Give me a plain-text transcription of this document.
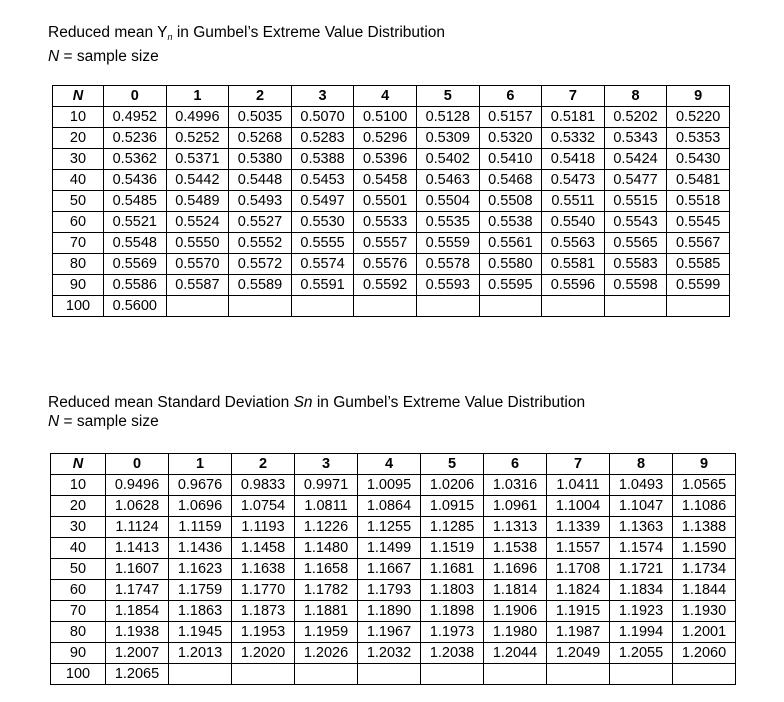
Reduced mean $Y_n$ in Gumbel’s Extreme Value Distribution
N = sample size
N	0	1	2	3	4	5	6	7	8	9
10	0.4952	0.4996	0.5035	0.5070	0.5100	0.5128	0.5157	0.5181	0.5202	0.5220
20	0.5236	0.5252	0.5268	0.5283	0.5296	0.5309	0.5320	0.5332	0.5343	0.5353
30	0.5362	0.5371	0.5380	0.5388	0.5396	0.5402	0.5410	0.5418	0.5424	0.5430
40	0.5436	0.5442	0.5448	0.5453	0.5458	0.5463	0.5468	0.5473	0.5477	0.5481
50	0.5485	0.5489	0.5493	0.5497	0.5501	0.5504	0.5508	0.5511	0.5515	0.5518
60	0.5521	0.5524	0.5527	0.5530	0.5533	0.5535	0.5538	0.5540	0.5543	0.5545
70	0.5548	0.5550	0.5552	0.5555	0.5557	0.5559	0.5561	0.5563	0.5565	0.5567
80	0.5569	0.5570	0.5572	0.5574	0.5576	0.5578	0.5580	0.5581	0.5583	0.5585
90	0.5586	0.5587	0.5589	0.5591	0.5592	0.5593	0.5595	0.5596	0.5598	0.5599
100	0.5600									
Reduced mean Standard Deviation Sn in Gumbel’s Extreme Value Distribution
N = sample size
N	0	1	2	3	4	5	6	7	8	9
10	0.9496	0.9676	0.9833	0.9971	1.0095	1.0206	1.0316	1.0411	1.0493	1.0565
20	1.0628	1.0696	1.0754	1.0811	1.0864	1.0915	1.0961	1.1004	1.1047	1.1086
30	1.1124	1.1159	1.1193	1.1226	1.1255	1.1285	1.1313	1.1339	1.1363	1.1388
40	1.1413	1.1436	1.1458	1.1480	1.1499	1.1519	1.1538	1.1557	1.1574	1.1590
50	1.1607	1.1623	1.1638	1.1658	1.1667	1.1681	1.1696	1.1708	1.1721	1.1734
60	1.1747	1.1759	1.1770	1.1782	1.1793	1.1803	1.1814	1.1824	1.1834	1.1844
70	1.1854	1.1863	1.1873	1.1881	1.1890	1.1898	1.1906	1.1915	1.1923	1.1930
80	1.1938	1.1945	1.1953	1.1959	1.1967	1.1973	1.1980	1.1987	1.1994	1.2001
90	1.2007	1.2013	1.2020	1.2026	1.2032	1.2038	1.2044	1.2049	1.2055	1.2060
100	1.2065									
